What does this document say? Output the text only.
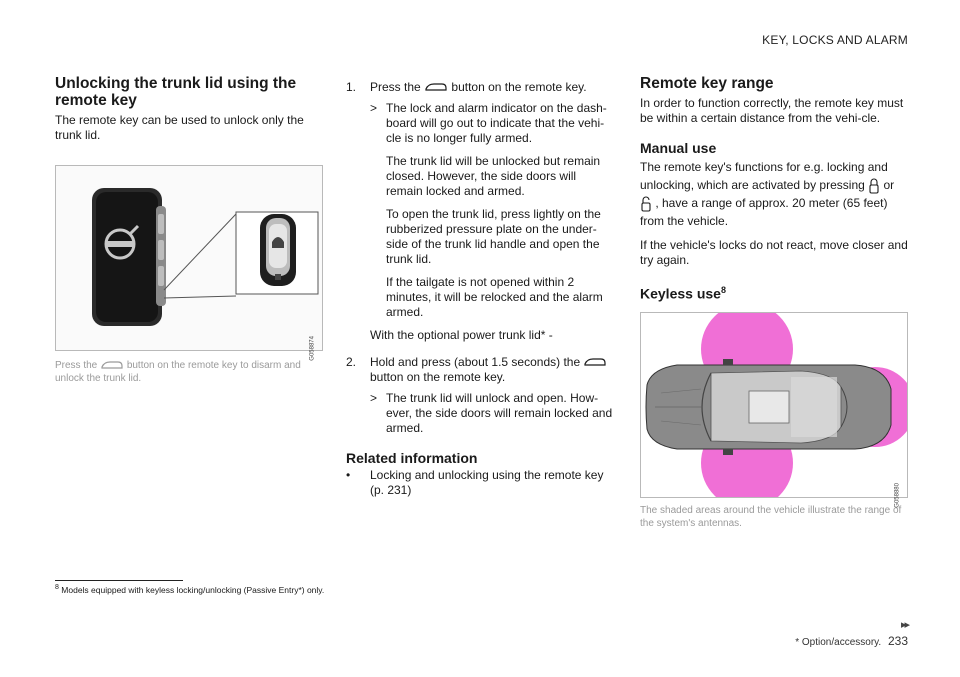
KEY, LOCKS AND ALARM
Unlocking the trunk lid using the remote key

The remote key can be used to unlock only the trunk lid.

G058874

Press the	button on the remote key to disarm and unlock the trunk lid.

1. Press the	button on the remote key.
> The lock and alarm indicator on the dash-board will go out to indicate that the vehi-cle is no longer fully armed.

The trunk lid will be unlocked but remain closed. However, the side doors will remain locked and armed.

To open the trunk lid, press lightly on the rubberized pressure plate on the under-side of the trunk lid handle and open the trunk lid.

If the tailgate is not opened within 2 minutes, it will be relocked and the alarm armed.

With the optional power trunk lid* -

2. Hold and press (about 1.5 seconds) the  button on the remote key.
> The trunk lid will unlock and open. How-ever, the side doors will remain locked and armed.
Related information
• Locking and unlocking using the remote key (p. 231)
Remote key range

In order to function correctly, the remote key must be within a certain distance from the vehi-cle.

Manual use

The remote key's functions for e.g. locking and unlocking, which are activated by pressing or  , have a range of approx. 20 meter (65 feet) from the vehicle.

If the vehicle's locks do not react, move closer and try again.

Keyless use$^8$
G058880

The shaded areas around the vehicle illustrate the range of the system's antennas.

$^8$ Models equipped with keyless locking/unlocking (Passive Entry*) only.
▸▸
* Option/accessory. 233
